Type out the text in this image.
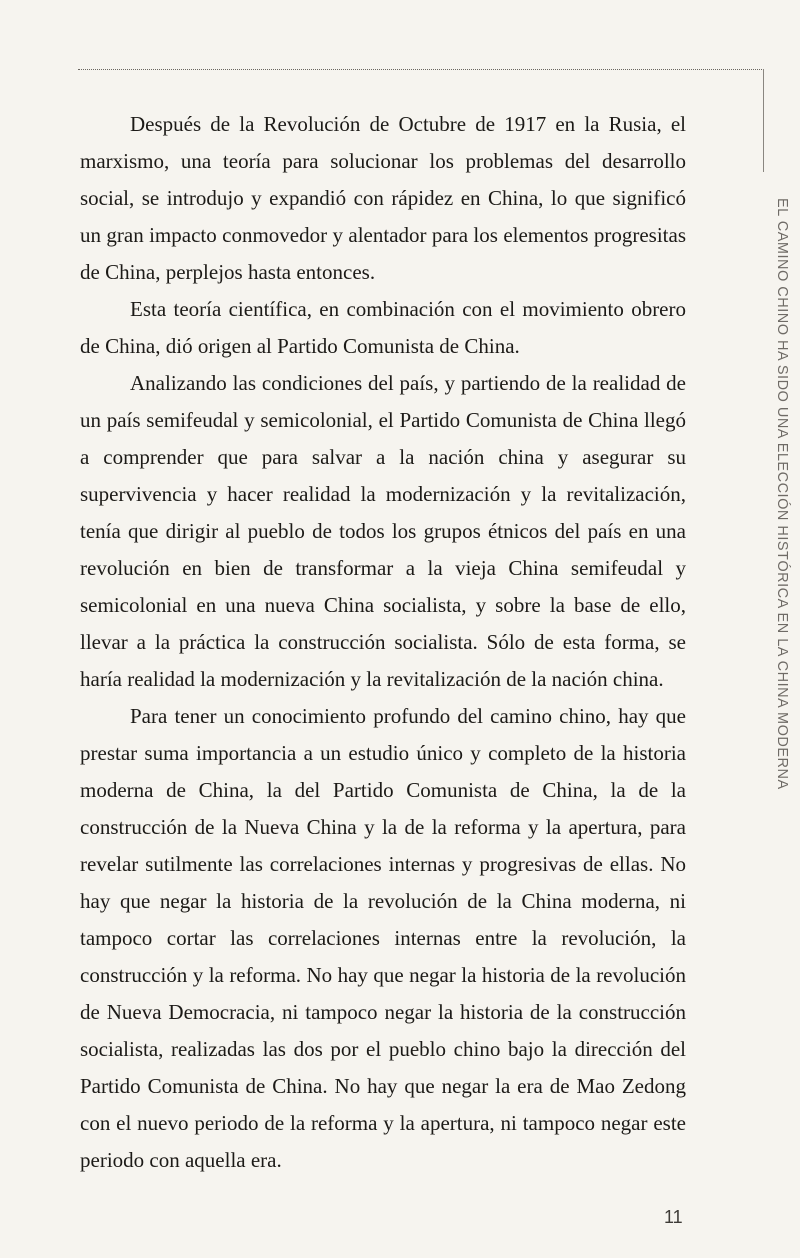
Después de la Revolución de Octubre de 1917 en la Rusia, el marxismo, una teoría para solucionar los problemas del desarrollo social, se introdujo y expandió con rápidez en China, lo que significó un gran impacto conmovedor y alentador para los elementos progresitas de China, perplejos hasta entonces.

Esta teoría científica, en combinación con el movimiento obrero de China, dió origen al Partido Comunista de China.

Analizando las condiciones del país, y partiendo de la realidad de un país semifeudal y semicolonial, el Partido Comunista de China llegó a comprender que para salvar a la nación china y asegurar su supervivencia y hacer realidad la modernización y la revitalización, tenía que dirigir al pueblo de todos los grupos étnicos del país en una revolución en bien de transformar a la vieja China semifeudal y semicolonial en una nueva China socialista, y sobre la base de ello, llevar a la práctica la construcción socialista. Sólo de esta forma, se haría realidad la modernización y la revitalización de la nación china.

Para tener un conocimiento profundo del camino chino, hay que prestar suma importancia a un estudio único y completo de la historia moderna de China, la del Partido Comunista de China, la de la construcción de la Nueva China y la de la reforma y la apertura, para revelar sutilmente las correlaciones internas y progresivas de ellas. No hay que negar la historia de la revolución de la China moderna, ni tampoco cortar las correlaciones internas entre la revolución, la construcción y la reforma. No hay que negar la historia de la revolución de Nueva Democracia, ni tampoco negar la historia de la construcción socialista, realizadas las dos por el pueblo chino bajo la dirección del Partido Comunista de China. No hay que negar la era de Mao Zedong con el nuevo periodo de la reforma y la apertura, ni tampoco negar este periodo con aquella era.

EL CAMINO CHINO HA SIDO UNA ELECCIÓN HISTÓRICA EN LA CHINA MODERNA
11
